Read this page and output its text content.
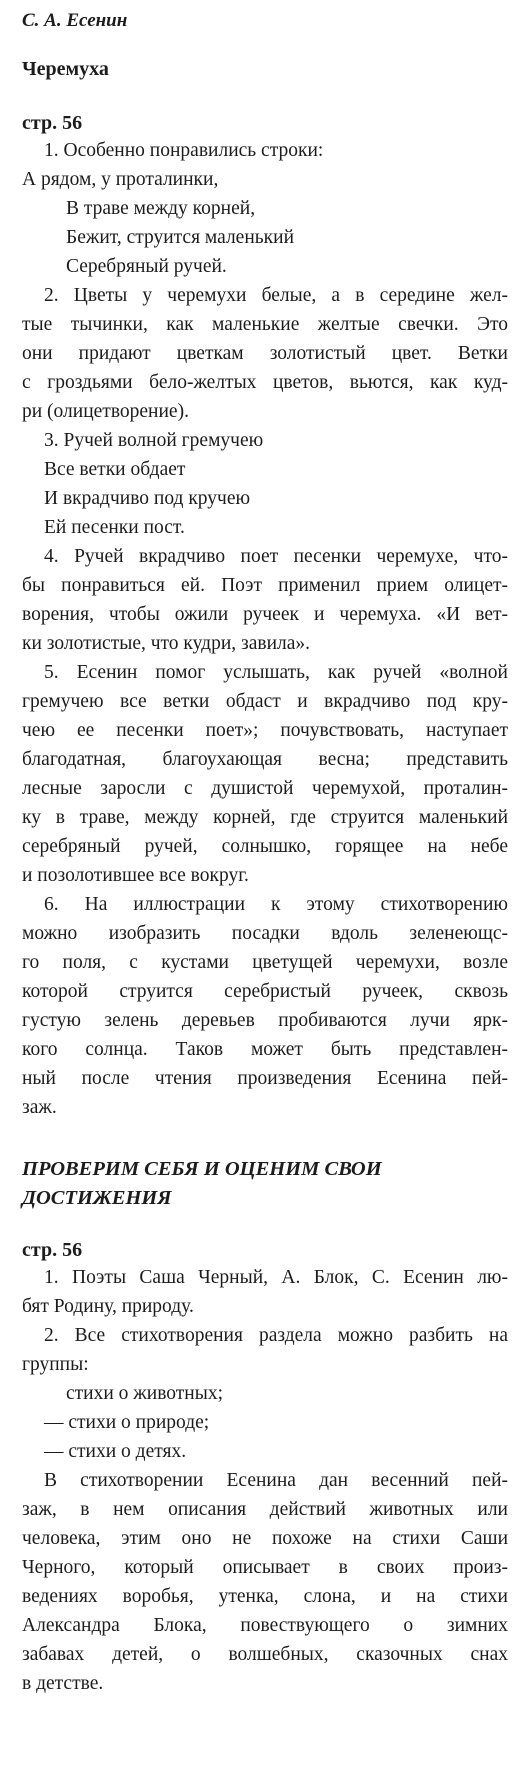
С. А. Есенин

Черемуха

стр. 56

1. Особенно понравились строки:

А рядом, у проталинки,

В траве между корней,

Бежит, струится маленький

Серебряный ручей.

2. Цветы у черемухи белые, а в середине жел-

тые тычинки, как маленькие желтые свечки. Это

они придают цветкам золотистый цвет. Ветки

с гроздьями бело-желтых цветов, вьются, как куд-

ри (олицетворение).

3. Ручей волной гремучею

Все ветки обдает

И вкрадчиво под кручею

Ей песенки пост.

4. Ручей вкрадчиво поет песенки черемухе, что-

бы понравиться ей. Поэт применил прием олицет-

ворения, чтобы ожили ручеек и черемуха. «И вет-

ки золотистые, что кудри, завила».

5. Есенин помог услышать, как ручей «волной

гремучею все ветки обдаст и вкрадчиво под кру-

чею ее песенки поет»; почувствовать, наступает

благодатная, благоухающая весна; представить

лесные заросли с душистой черемухой, проталин-

ку в траве, между корней, где струится маленький

серебряный ручей, солнышко, горящее на небе

и позолотившее все вокруг.

6. На иллюстрации к этому стихотворению

можно изобразить посадки вдоль зеленеющс-

го поля, с кустами цветущей черемухи, возле

которой струится серебристый ручеек, сквозь

густую зелень деревьев пробиваются лучи ярк-

кого солнца. Таков может быть представлен-

ный после чтения произведения Есенина пей-

заж.

ПРОВЕРИМ СЕБЯ И ОЦЕНИМ СВОИ

ДОСТИЖЕНИЯ

стр. 56

1. Поэты Саша Черный, А. Блок, С. Есенин лю-

бят Родину, природу.

2. Все стихотворения раздела можно разбить на

группы:

стихи о животных;

— стихи о природе;

— стихи о детях.

В стихотворении Есенина дан весенний пей-

заж, в нем описания действий животных или

человека, этим оно не похоже на стихи Саши

Черного, который описывает в своих произ-

ведениях воробья, утенка, слона, и на стихи

Александра Блока, повествующего о зимних

забавах детей, о волшебных, сказочных снах

в детстве.
